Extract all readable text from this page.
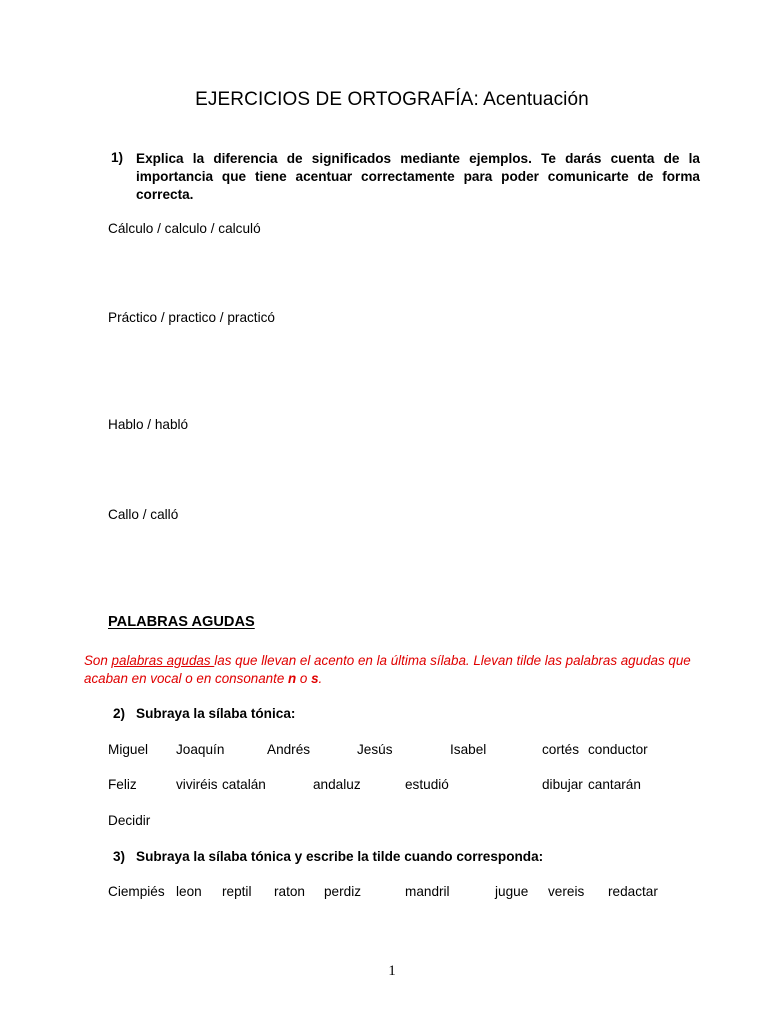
EJERCICIOS DE ORTOGRAFÍA: Acentuación
1) Explica la diferencia de significados mediante ejemplos. Te darás cuenta de la importancia que tiene acentuar correctamente para poder comunicarte de forma correcta.
Cálculo / calculo / calculó
Práctico / practico / practicó
Hablo / habló
Callo / calló
PALABRAS AGUDAS
Son palabras agudas las que llevan el acento en la última sílaba. Llevan tilde las palabras agudas que acaban en vocal o en consonante n o s.
2) Subraya la sílaba tónica:
Miguel Joaquín	Andrés	Jesús	Isabel	cortés conductor
Feliz	viviréis catalán	andaluz	estudió	dibujar cantarán
Decidir
3) Subraya la sílaba tónica y escribe la tilde cuando corresponda:
Ciempiés leon reptil raton perdiz	mandril	jugue vereis redactar
1
